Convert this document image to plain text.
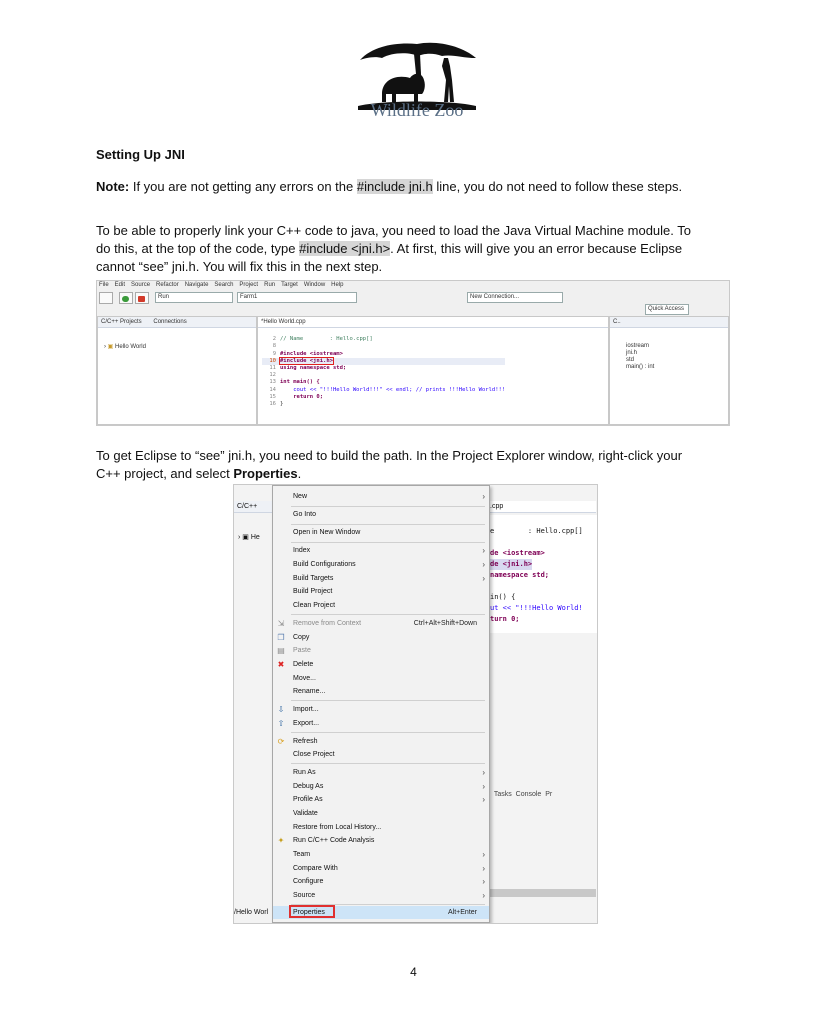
Wildlife Zoo
Setting Up JNI
Note: If you are not getting any errors on the #include jni.h line, you do not need to follow these steps.
To be able to properly link your C++ code to java, you need to load the Java Virtual Machine module. To
do this, at the top of the code, type #include <jni.h>. At first, this will give you an error because Eclipse
cannot “see” jni.h. You will fix this in the next step.
File Edit Source Refactor Navigate Search Project Run Target Window Help
Run	Farm1	New Connection...
Quick Access
C/C++ Projects Connections
› ▣ Hello World
*Hello World.cpp

2 // Name        : Hello.cpp[]
8
9 #include <iostream>
10 #include <jni.h>
11 using namespace std;
12
13 int main() {
14    cout << "!!!Hello World!!!" << endl; // prints !!!Hello World!!!
15    return 0;
16 }

C..
iostream
jni.h
std
main() : int
To get Eclipse to “see” jni.h, you need to build the path. In the Project Explorer window, right-click your
C++ project, and select Properties.
C/C++
› ▣ He
.cpp

e        : Hello.cpp[]

de <iostream>
de <jni.h>
namespace std;

in() {
ut << "!!!Hello World!
turn 0;

Tasks Console Pr
/Hello Worl
New	›
Go Into
Open in New Window
Index	›
Build Configurations	›
Build Targets	›
Build Project
Clean Project
⇲ Remove from Context	Ctrl+Alt+Shift+Down
❐ Copy
▤ Paste
✖ Delete
Move...
Rename...
⇩ Import...
⇧ Export...
⟳ Refresh
Close Project
Run As	›
Debug As	›
Profile As	›
Validate
Restore from Local History...
✦ Run C/C++ Code Analysis
Team	›
Compare With	›
Configure	›
Source	›
Properties	Alt+Enter
4
